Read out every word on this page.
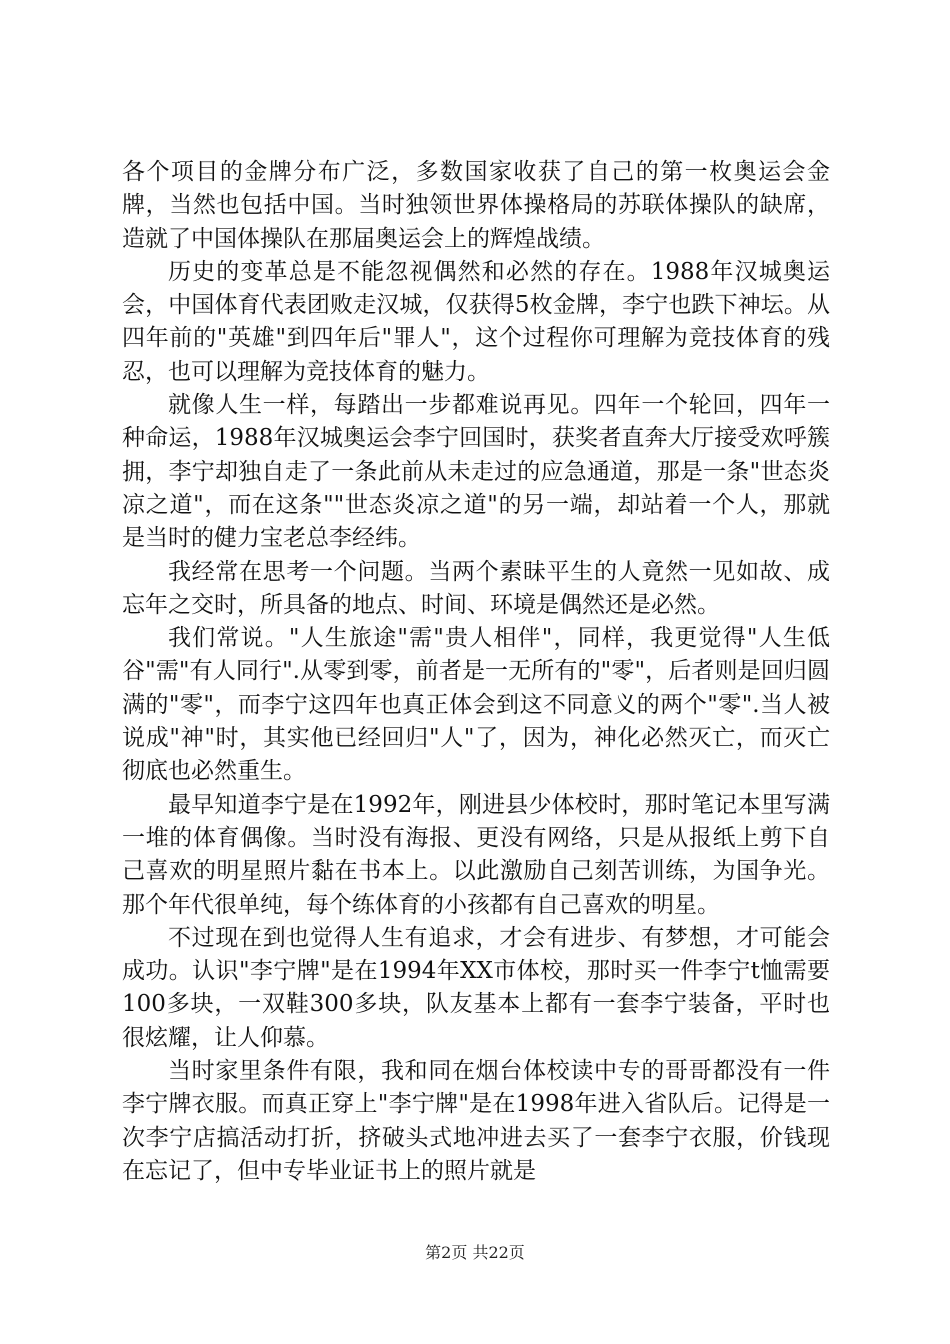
各个项目的金牌分布广泛，多数国家收获了自己的第一枚奥运会金牌，当然也包括中国。当时独领世界体操格局的苏联体操队的缺席，造就了中国体操队在那届奥运会上的辉煌战绩。

历史的变革总是不能忽视偶然和必然的存在。1988年汉城奥运会，中国体育代表团败走汉城，仅获得5枚金牌，李宁也跌下神坛。从四年前的"英雄"到四年后"罪人"，这个过程你可理解为竞技体育的残忍，也可以理解为竞技体育的魅力。

就像人生一样，每踏出一步都难说再见。四年一个轮回，四年一种命运，1988年汉城奥运会李宁回国时，获奖者直奔大厅接受欢呼簇拥，李宁却独自走了一条此前从未走过的应急通道，那是一条"世态炎凉之道"，而在这条""世态炎凉之道"的另一端，却站着一个人，那就是当时的健力宝老总李经纬。

我经常在思考一个问题。当两个素昧平生的人竟然一见如故、成忘年之交时，所具备的地点、时间、环境是偶然还是必然。

我们常说。"人生旅途"需"贵人相伴"，同样，我更觉得"人生低谷"需"有人同行".从零到零，前者是一无所有的"零"，后者则是回归圆满的"零"，而李宁这四年也真正体会到这不同意义的两个"零".当人被说成"神"时，其实他已经回归"人"了，因为，神化必然灭亡，而灭亡彻底也必然重生。

最早知道李宁是在1992年，刚进县少体校时，那时笔记本里写满一堆的体育偶像。当时没有海报、更没有网络，只是从报纸上剪下自己喜欢的明星照片黏在书本上。以此激励自己刻苦训练，为国争光。那个年代很单纯，每个练体育的小孩都有自己喜欢的明星。

不过现在到也觉得人生有追求，才会有进步、有梦想，才可能会成功。认识"李宁牌"是在1994年XX市体校，那时买一件李宁t恤需要100多块，一双鞋300多块，队友基本上都有一套李宁装备，平时也很炫耀，让人仰慕。

当时家里条件有限，我和同在烟台体校读中专的哥哥都没有一件李宁牌衣服。而真正穿上"李宁牌"是在1998年进入省队后。记得是一次李宁店搞活动打折，挤破头式地冲进去买了一套李宁衣服，价钱现在忘记了，但中专毕业证书上的照片就是

第2页 共22页
